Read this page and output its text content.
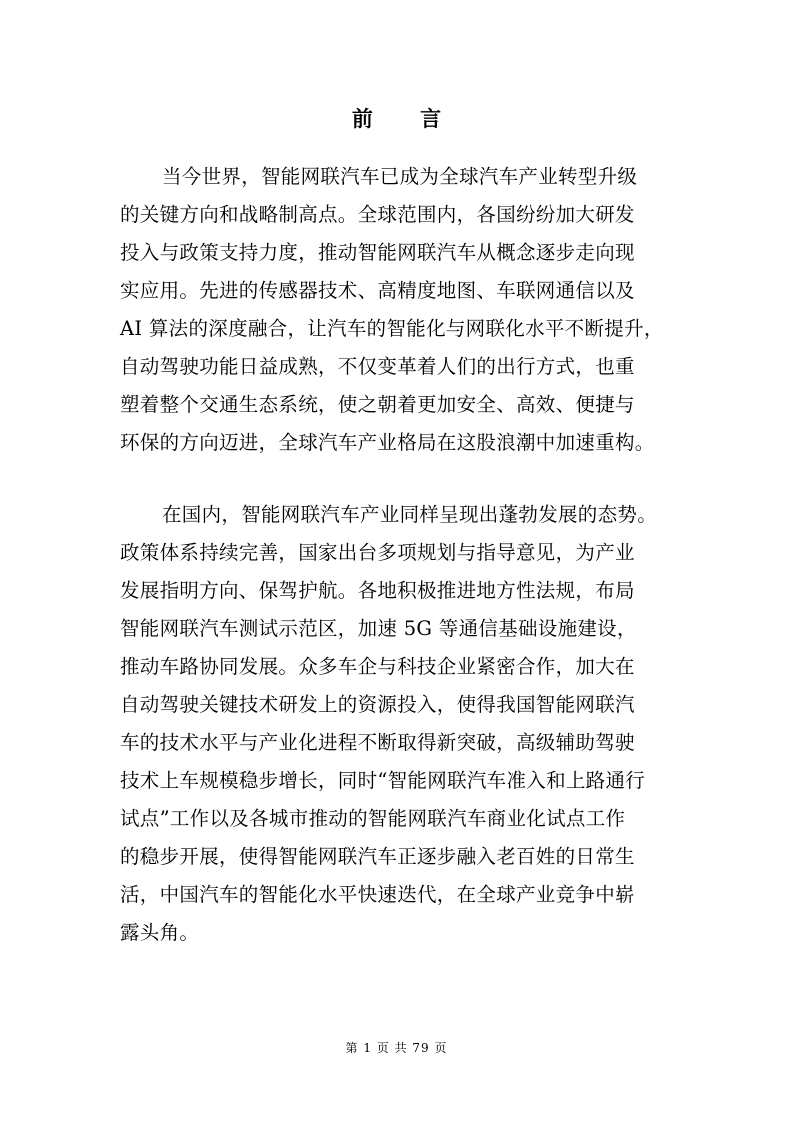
前 言
当今世界，智能网联汽车已成为全球汽车产业转型升级
的关键方向和战略制高点。全球范围内，各国纷纷加大研发
投入与政策支持力度，推动智能网联汽车从概念逐步走向现
实应用。先进的传感器技术、高精度地图、车联网通信以及
AI 算法的深度融合，让汽车的智能化与网联化水平不断提升，
自动驾驶功能日益成熟，不仅变革着人们的出行方式，也重
塑着整个交通生态系统，使之朝着更加安全、高效、便捷与
环保的方向迈进，全球汽车产业格局在这股浪潮中加速重构。
在国内，智能网联汽车产业同样呈现出蓬勃发展的态势。
政策体系持续完善，国家出台多项规划与指导意见，为产业
发展指明方向、保驾护航。各地积极推进地方性法规，布局
智能网联汽车测试示范区，加速 5G 等通信基础设施建设，
推动车路协同发展。众多车企与科技企业紧密合作，加大在
自动驾驶关键技术研发上的资源投入，使得我国智能网联汽
车的技术水平与产业化进程不断取得新突破，高级辅助驾驶
技术上车规模稳步增长，同时“智能网联汽车准入和上路通行
试点”工作以及各城市推动的智能网联汽车商业化试点工作
的稳步开展，使得智能网联汽车正逐步融入老百姓的日常生
活，中国汽车的智能化水平快速迭代，在全球产业竞争中崭
露头角。
第 1 页 共 79 页
